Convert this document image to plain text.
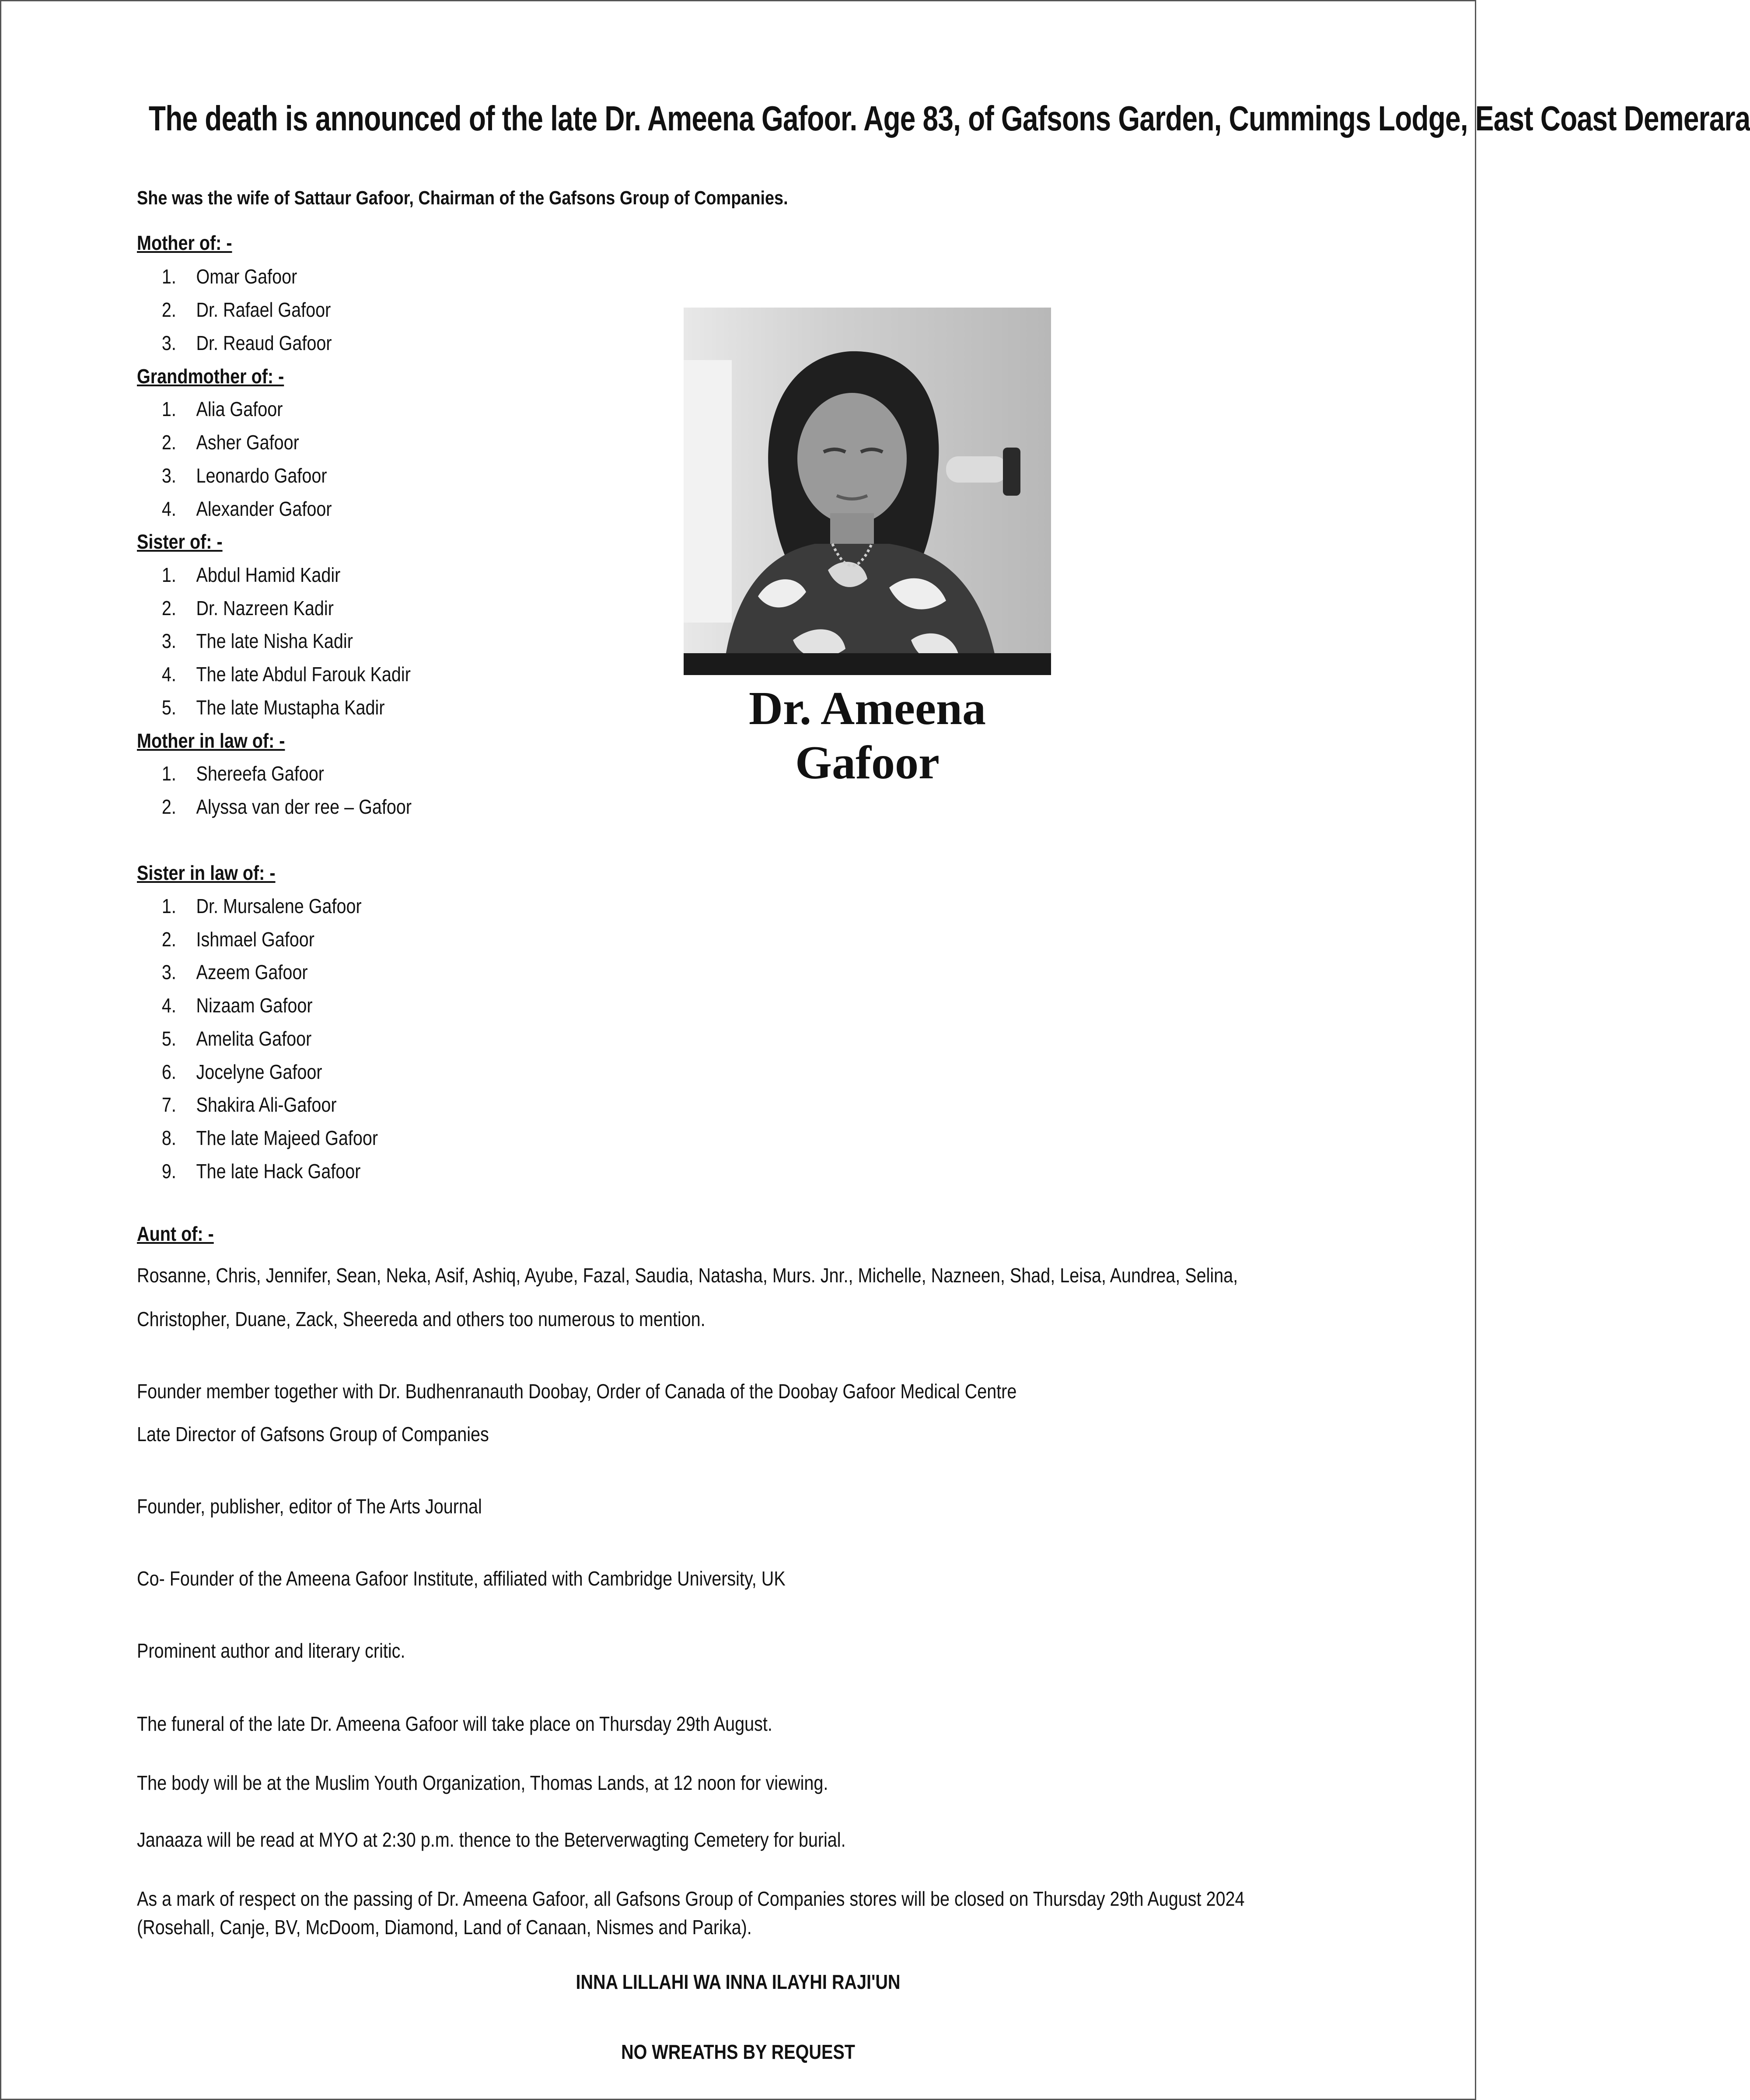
The death is announced of the late Dr. Ameena Gafoor. Age 83, of Gafsons Garden, Cummings Lodge, East Coast Demerara
She was the wife of Sattaur Gafoor, Chairman of the Gafsons Group of Companies.
Mother of: -
1. Omar Gafoor
2. Dr. Rafael Gafoor
3. Dr. Reaud Gafoor
Grandmother of: -
1. Alia Gafoor
2. Asher Gafoor
3. Leonardo Gafoor
4. Alexander Gafoor
Sister of: -
1. Abdul Hamid Kadir
2. Dr. Nazreen Kadir
3. The late Nisha Kadir
4. The late Abdul Farouk Kadir
5. The late Mustapha Kadir
Mother in law of: -
1. Shereefa Gafoor
2. Alyssa van der ree – Gafoor
Sister in law of: -
1. Dr. Mursalene Gafoor
2. Ishmael Gafoor
3. Azeem Gafoor
4. Nizaam Gafoor
5. Amelita Gafoor
6. Jocelyne Gafoor
7. Shakira Ali-Gafoor
8. The late Majeed Gafoor
9. The late Hack Gafoor
Aunt of: -
Rosanne, Chris, Jennifer, Sean, Neka, Asif, Ashiq, Ayube, Fazal, Saudia, Natasha, Murs. Jnr., Michelle, Nazneen, Shad, Leisa, Aundrea, Selina,
Christopher, Duane, Zack, Sheereda and others too numerous to mention.
Founder member together with Dr. Budhenranauth Doobay, Order of Canada of the Doobay Gafoor Medical Centre
Late Director of Gafsons Group of Companies
Founder, publisher, editor of The Arts Journal
Co- Founder of the Ameena Gafoor Institute, affiliated with Cambridge University, UK
Prominent author and literary critic.
The funeral of the late Dr. Ameena Gafoor will take place on Thursday 29th August.
The body will be at the Muslim Youth Organization, Thomas Lands, at 12 noon for viewing.
Janaaza will be read at MYO at 2:30 p.m. thence to the Beterverwagting Cemetery for burial.
As a mark of respect on the passing of Dr. Ameena Gafoor, all Gafsons Group of Companies stores will be closed on Thursday 29th August 2024
(Rosehall, Canje, BV, McDoom, Diamond, Land of Canaan, Nismes and Parika).
INNA LILLAHI WA INNA ILAYHI RAJI'UN
NO WREATHS BY REQUEST
Dr. Ameena Gafoor
